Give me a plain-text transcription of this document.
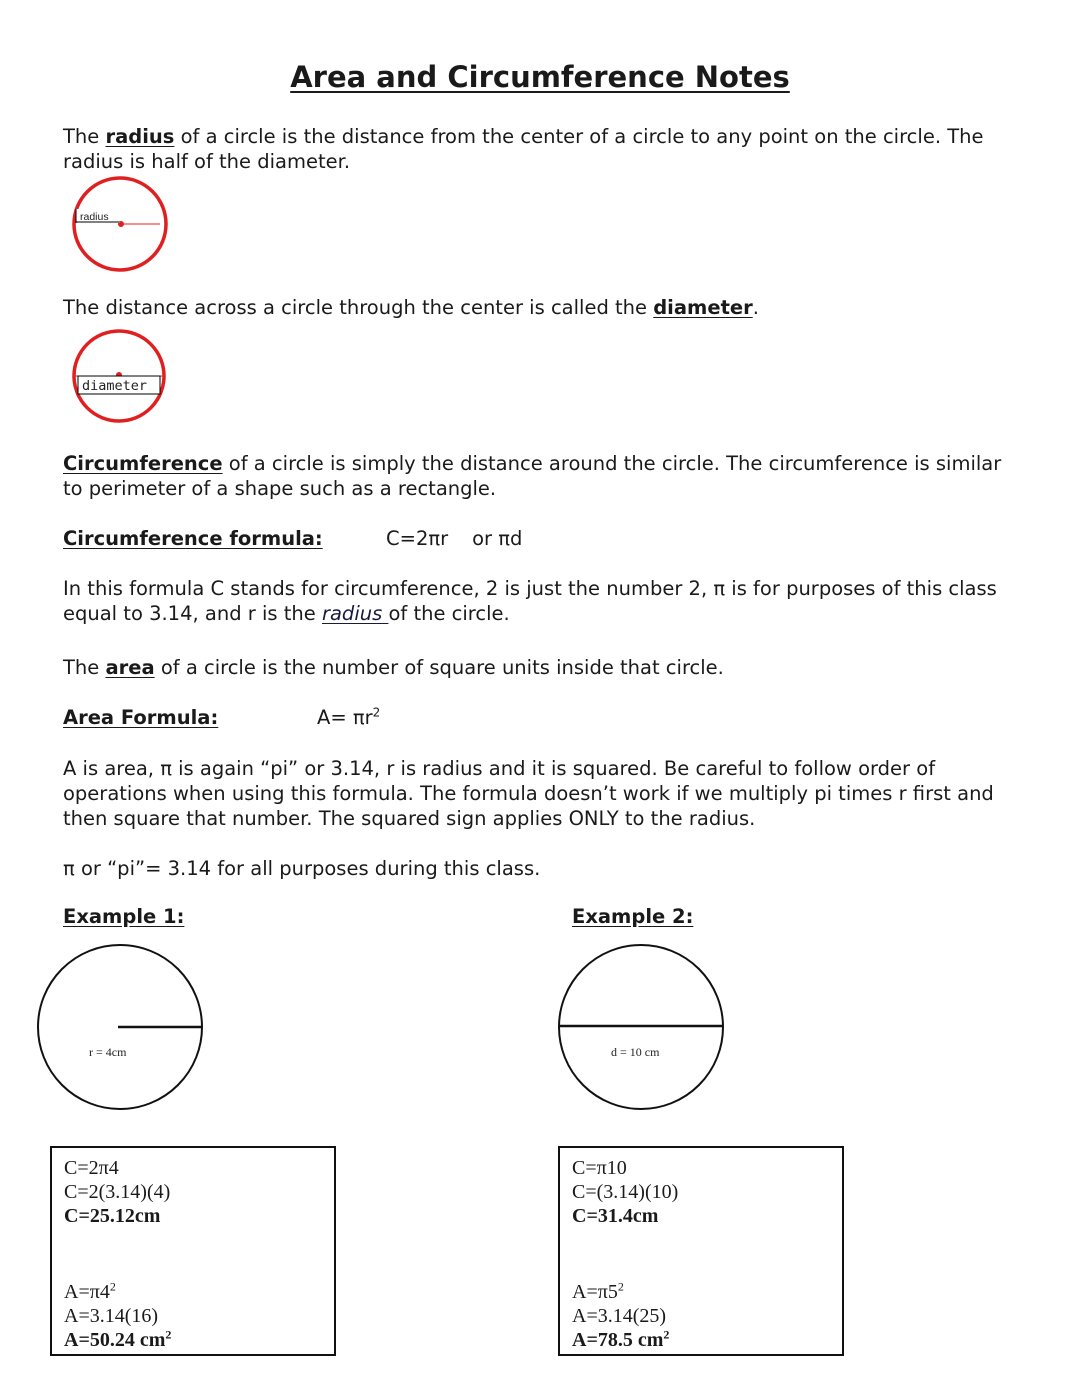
Area and Circumference Notes
The radius of a circle is the distance from the center of a circle to any point on the circle. The radius is half of the diameter.
radius
The distance across a circle through the center is called the diameter.
diameter
Circumference of a circle is simply the distance around the circle. The circumference is similar to perimeter of a shape such as a rectangle.
Circumference formula:	C=2πr or πd
In this formula C stands for circumference, 2 is just the number 2, π is for purposes of this class equal to 3.14, and r is the radius of the circle.
The area of a circle is the number of square units inside that circle.
Area Formula:	$A= \pi r^2$
A is area, π is again “pi” or 3.14, r is radius and it is squared. Be careful to follow order of operations when using this formula. The formula doesn’t work if we multiply pi times r first and then square that number. The squared sign applies ONLY to the radius.
π or “pi”= 3.14 for all purposes during this class.
Example 1:
r = 4cm
C=2π4
C=2(3.14)(4)
C=25.12cm
$A=\pi 4^2$
A=3.14(16)
A=50.24 $cm^2$
Example 2:
d = 10 cm
C=π10
C=(3.14)(10)
C=31.4cm
$A=\pi 5^2$
A=3.14(25)
A=78.5 $cm^2$
